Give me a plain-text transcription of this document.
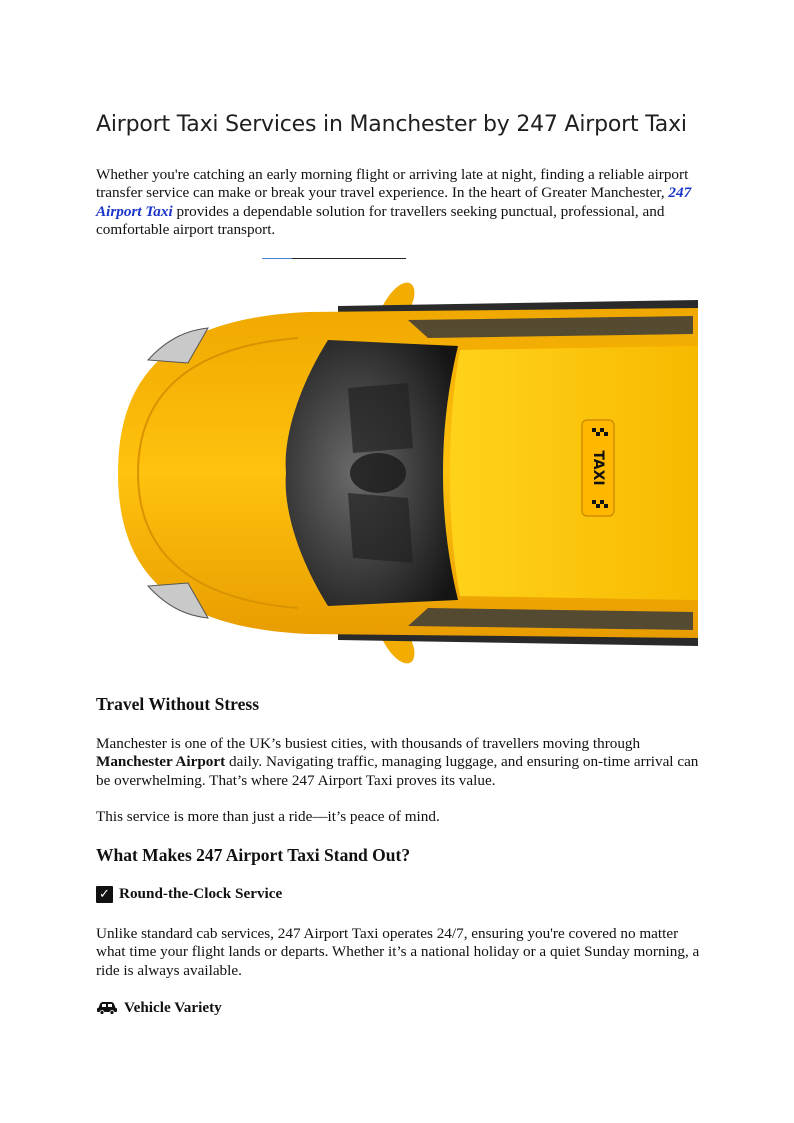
Airport Taxi Services in Manchester by 247 Airport Taxi

Whether you're catching an early morning flight or arriving late at night, finding a reliable airport transfer service can make or break your travel experience. In the heart of Greater Manchester, 247 Airport Taxi provides a dependable solution for travellers seeking punctual, professional, and comfortable airport transport.

TAXI
Travel Without Stress

Manchester is one of the UK’s busiest cities, with thousands of travellers moving through Manchester Airport daily. Navigating traffic, managing luggage, and ensuring on-time arrival can be overwhelming. That’s where 247 Airport Taxi proves its value.

This service is more than just a ride—it’s peace of mind.

What Makes 247 Airport Taxi Stand Out?
✓ Round-the-Clock Service

Unlike standard cab services, 247 Airport Taxi operates 24/7, ensuring you're covered no matter what time your flight lands or departs. Whether it’s a national holiday or a quiet Sunday morning, a ride is always available.

Vehicle Variety
